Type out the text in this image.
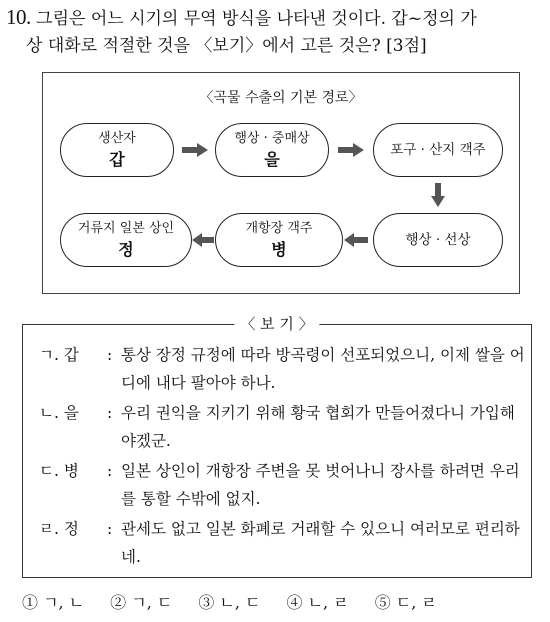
10. 그림은 어느 시기의 무역 방식을 나타낸 것이다. 갑~정의 가
상 대화로 적절한 것을 〈보기〉에서 고른 것은? [3점]
〈곡물 수출의 기본 경로〉
생산자
갑
행상 · 중매상
을	포구 · 산지 객주
행상 · 선상
개항장 객주
병
거류지 일본 상인
정
〈 보 기 〉
ㄱ. 갑	: 통상 장정 규정에 따라 방곡령이 선포되었으니, 이제 쌀을 어디에 내다 팔아야 하나.
ㄴ. 을	: 우리 권익을 지키기 위해 황국 협회가 만들어졌다니 가입해야겠군.
ㄷ. 병	: 일본 상인이 개항장 주변을 못 벗어나니 장사를 하려면 우리를 통할 수밖에 없지.
ㄹ. 정	: 관세도 없고 일본 화폐로 거래할 수 있으니 여러모로 편리하네.
① ㄱ, ㄴ ② ㄱ, ㄷ ③ ㄴ, ㄷ ④ ㄴ, ㄹ ⑤ ㄷ, ㄹ
